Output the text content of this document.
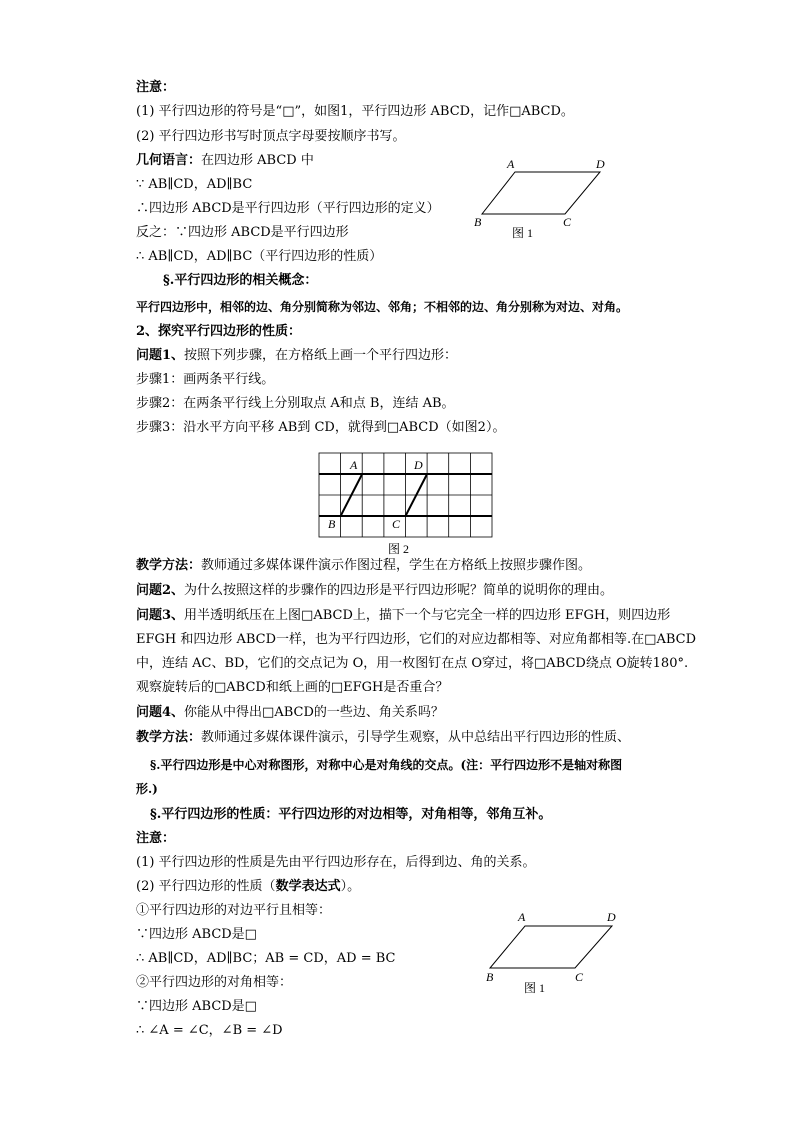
注意：
(1) 平行四边形的符号是“□”，如图1，平行四边形 ABCD，记作□ABCD。
(2) 平行四边形书写时顶点字母要按顺序书写。
几何语言：在四边形 ABCD 中
∵ AB∥CD，AD∥BC
∴四边形 ABCD是平行四边形（平行四边形的定义）
反之：∵四边形 ABCD是平行四边形
∴ AB∥CD，AD∥BC（平行四边形的性质）
§.平行四边形的相关概念：
平行四边形中，相邻的边、角分别简称为邻边、邻角；不相邻的边、角分别称为对边、对角。
2、探究平行四边形的性质：
问题1、按照下列步骤，在方格纸上画一个平行四边形：
步骤1：画两条平行线。
步骤2：在两条平行线上分别取点 A和点 B，连结 AB。
步骤3：沿水平方向平移 AB到 CD，就得到□ABCD（如图2）。
教学方法：教师通过多媒体课件演示作图过程，学生在方格纸上按照步骤作图。
问题2、为什么按照这样的步骤作的四边形是平行四边形呢？简单的说明你的理由。
问题3、用半透明纸压在上图□ABCD上，描下一个与它完全一样的四边形 EFGH，则四边形
EFGH 和四边形 ABCD一样，也为平行四边形，它们的对应边都相等、对应角都相等.在□ABCD
中，连结 AC、BD，它们的交点记为 O，用一枚图钉在点 O穿过，将□ABCD绕点 O旋转180°.
观察旋转后的□ABCD和纸上画的□EFGH是否重合？
问题4、你能从中得出□ABCD的一些边、角关系吗？
教学方法：教师通过多媒体课件演示，引导学生观察，从中总结出平行四边形的性质、
§.平行四边形是中心对称图形，对称中心是对角线的交点。(注：平行四边形不是轴对称图
形.)
§.平行四边形的性质：平行四边形的对边相等，对角相等，邻角互补。
注意：
(1) 平行四边形的性质是先由平行四边形存在，后得到边、角的关系。
(2) 平行四边形的性质（数学表达式）。
①平行四边形的对边平行且相等：
∵四边形 ABCD是□
∴ AB∥CD，AD∥BC；AB = CD，AD = BC
②平行四边形的对角相等：
∵四边形 ABCD是□
∴ ∠A = ∠C，∠B = ∠D
A	D
B	C
图 1
A	D
B	C
图 2
A	D
B	C
图 1
